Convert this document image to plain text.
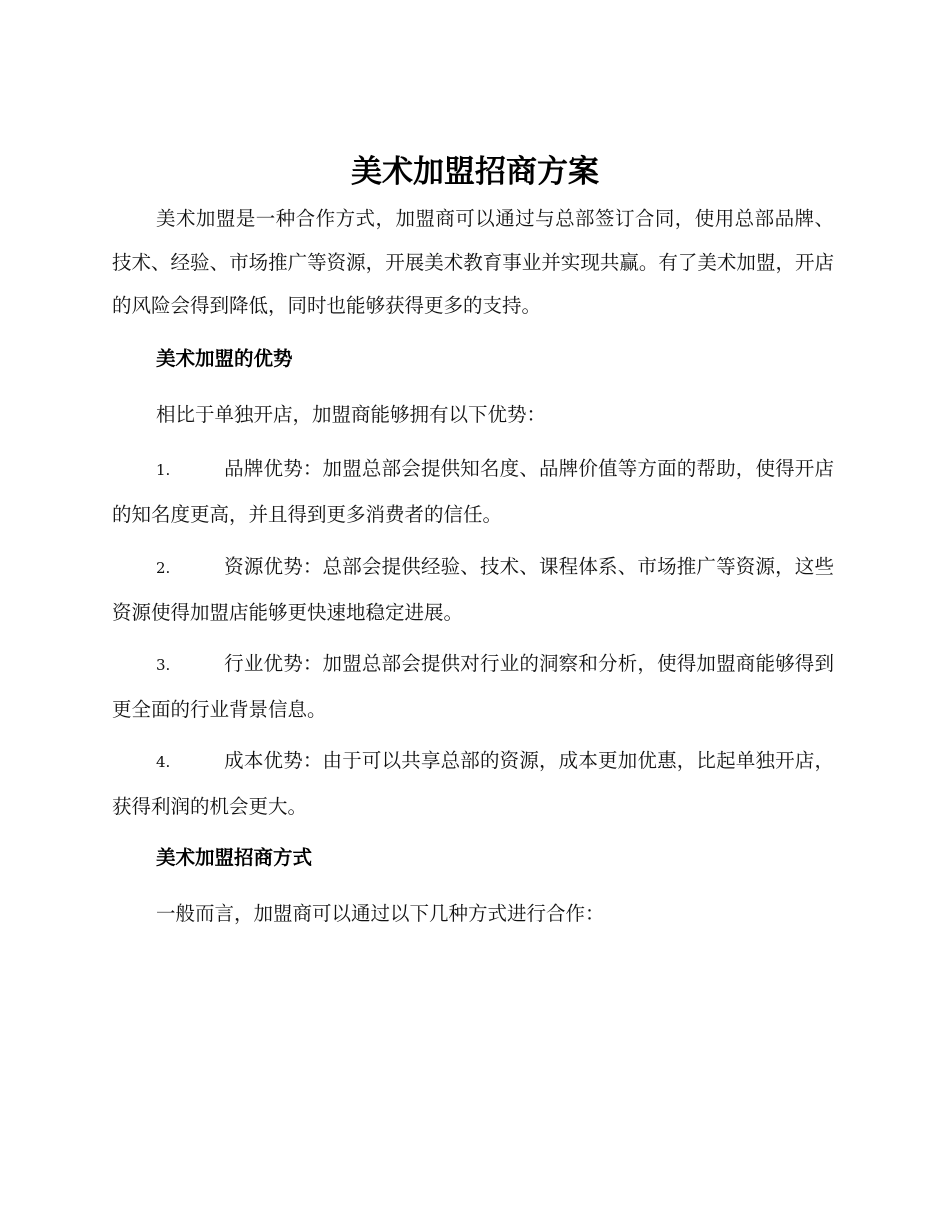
美术加盟招商方案

美术加盟是一种合作方式，加盟商可以通过与总部签订合同，使用总部品牌、技术、经验、市场推广等资源，开展美术教育事业并实现共赢。有了美术加盟，开店的风险会得到降低，同时也能够获得更多的支持。

美术加盟的优势

相比于单独开店，加盟商能够拥有以下优势：

1.	品牌优势：加盟总部会提供知名度、品牌价值等方面的帮助，使得开店的知名度更高，并且得到更多消费者的信任。

2.	资源优势：总部会提供经验、技术、课程体系、市场推广等资源，这些资源使得加盟店能够更快速地稳定进展。

3.	行业优势：加盟总部会提供对行业的洞察和分析，使得加盟商能够得到更全面的行业背景信息。

4.	成本优势：由于可以共享总部的资源，成本更加优惠，比起单独开店，获得利润的机会更大。

美术加盟招商方式

一般而言，加盟商可以通过以下几种方式进行合作：
